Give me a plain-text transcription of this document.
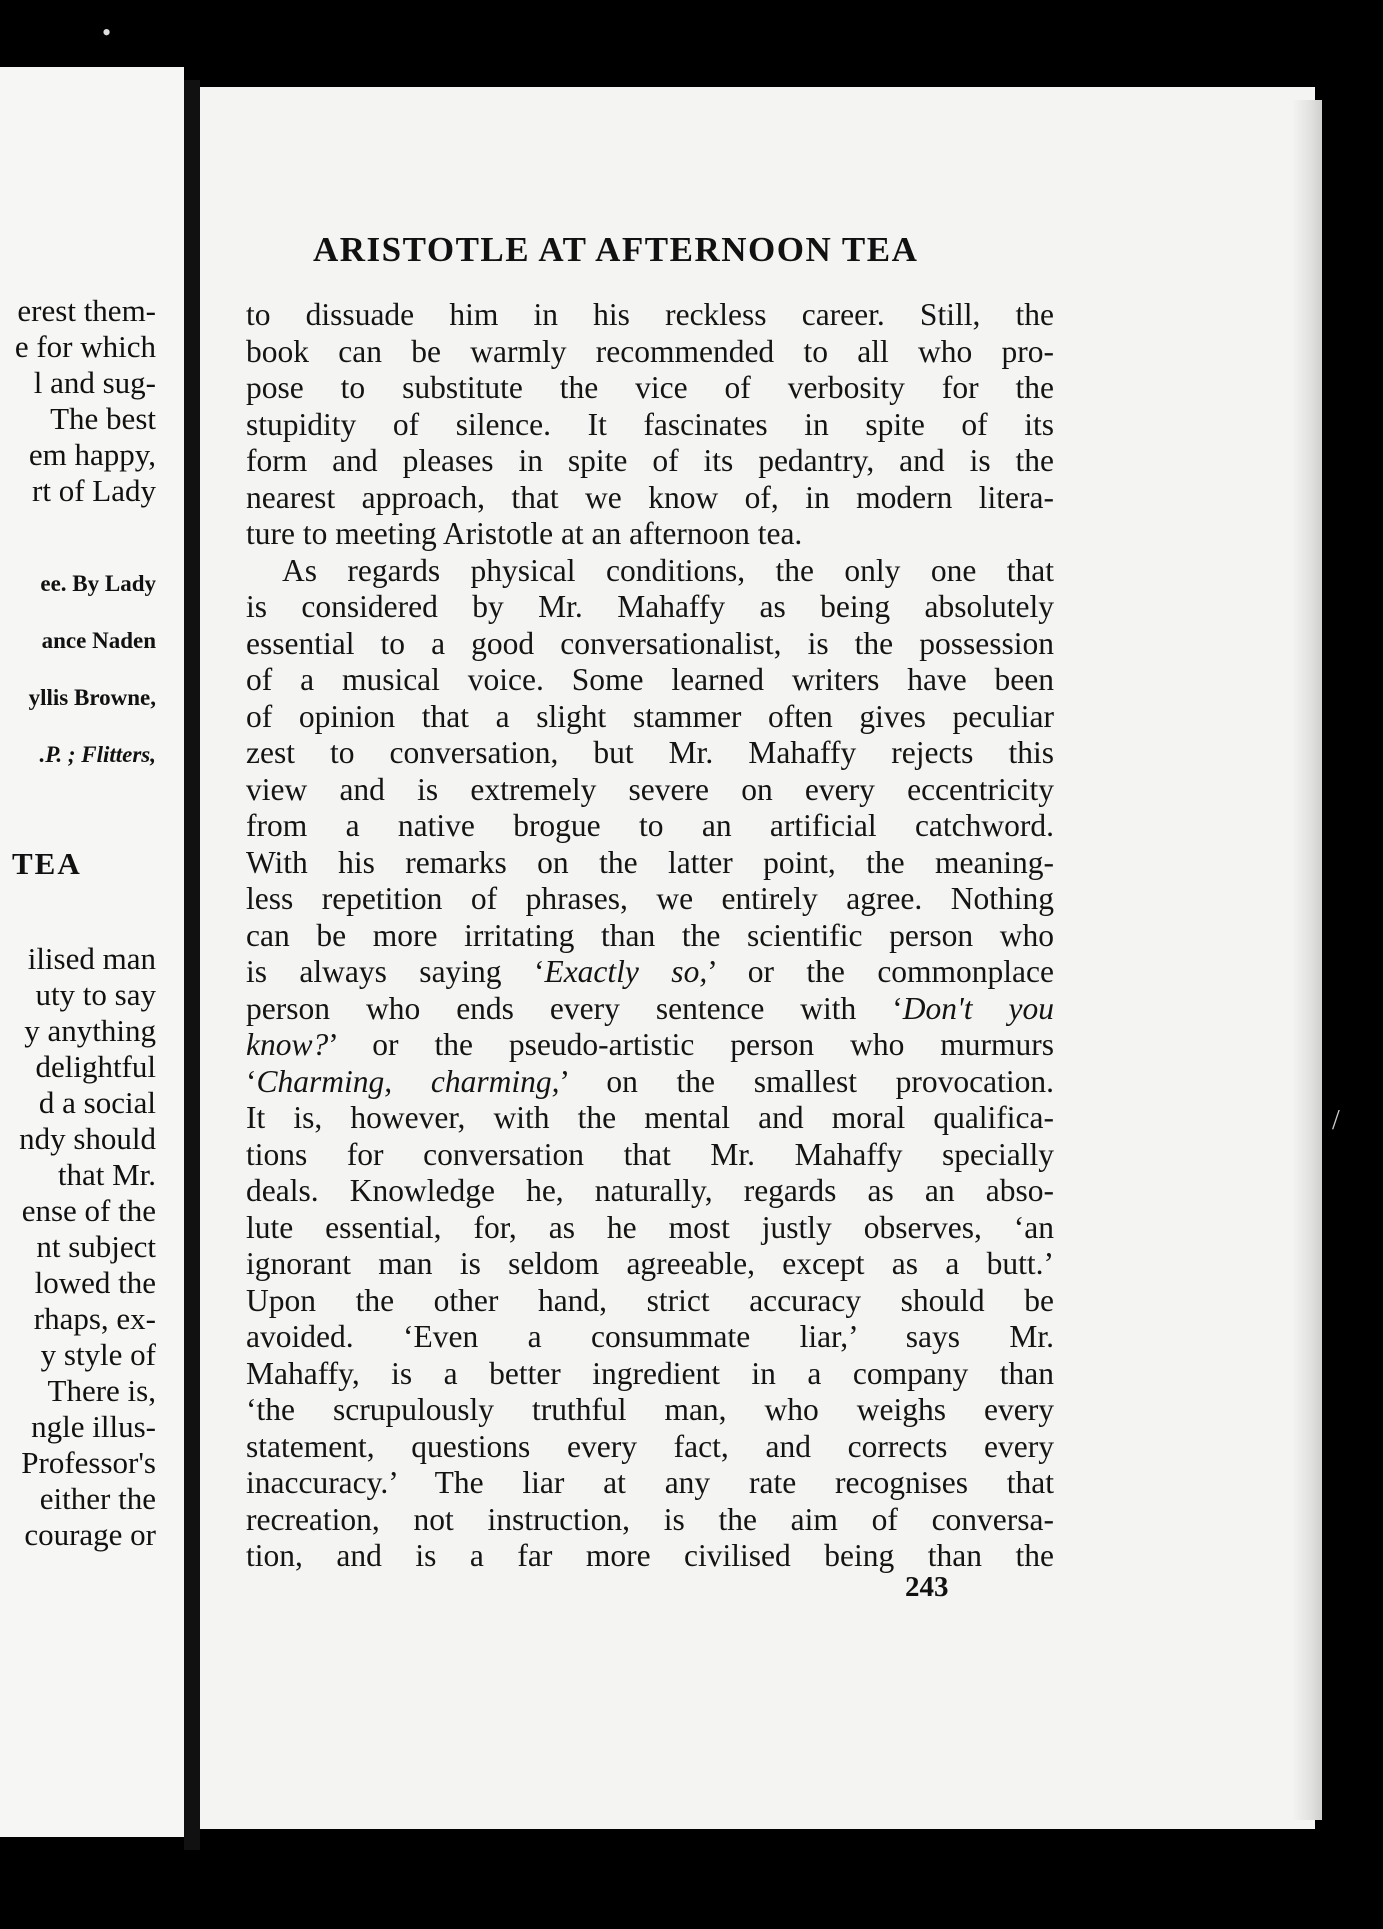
erest them-
e for which
l and sug-
The best
em happy,
rt of Lady
ee. By Lady
ance Naden
yllis Browne,
.P. ; Flitters,
TEA
ilised man
uty to say
y anything
delightful
d a social
ndy should
that Mr.
ense of the
nt subject
lowed the
rhaps, ex-
y style of
There is,
ngle illus-
Professor's
either the
courage or
ARISTOTLE AT AFTERNOON TEA
to dissuade him in his reckless career. Still, the
book can be warmly recommended to all who pro-
pose to substitute the vice of verbosity for the
stupidity of silence. It fascinates in spite of its
form and pleases in spite of its pedantry, and is the
nearest approach, that we know of, in modern litera-
ture to meeting Aristotle at an afternoon tea.
As regards physical conditions, the only one that
is considered by Mr. Mahaffy as being absolutely
essential to a good conversationalist, is the possession
of a musical voice. Some learned writers have been
of opinion that a slight stammer often gives peculiar
zest to conversation, but Mr. Mahaffy rejects this
view and is extremely severe on every eccentricity
from a native brogue to an artificial catchword.
With his remarks on the latter point, the meaning-
less repetition of phrases, we entirely agree. Nothing
can be more irritating than the scientific person who
is always saying ‘Exactly so,’ or the commonplace
person who ends every sentence with ‘Don't you
know?’ or the pseudo-artistic person who murmurs
‘Charming, charming,’ on the smallest provocation.
It is, however, with the mental and moral qualifica-
tions for conversation that Mr. Mahaffy specially
deals. Knowledge he, naturally, regards as an abso-
lute essential, for, as he most justly observes, ‘an
ignorant man is seldom agreeable, except as a butt.’
Upon the other hand, strict accuracy should be
avoided. ‘Even a consummate liar,’ says Mr.
Mahaffy, is a better ingredient in a company than
‘the scrupulously truthful man, who weighs every
statement, questions every fact, and corrects every
inaccuracy.’ The liar at any rate recognises that
recreation, not instruction, is the aim of conversa-
tion, and is a far more civilised being than the
243
•
/
